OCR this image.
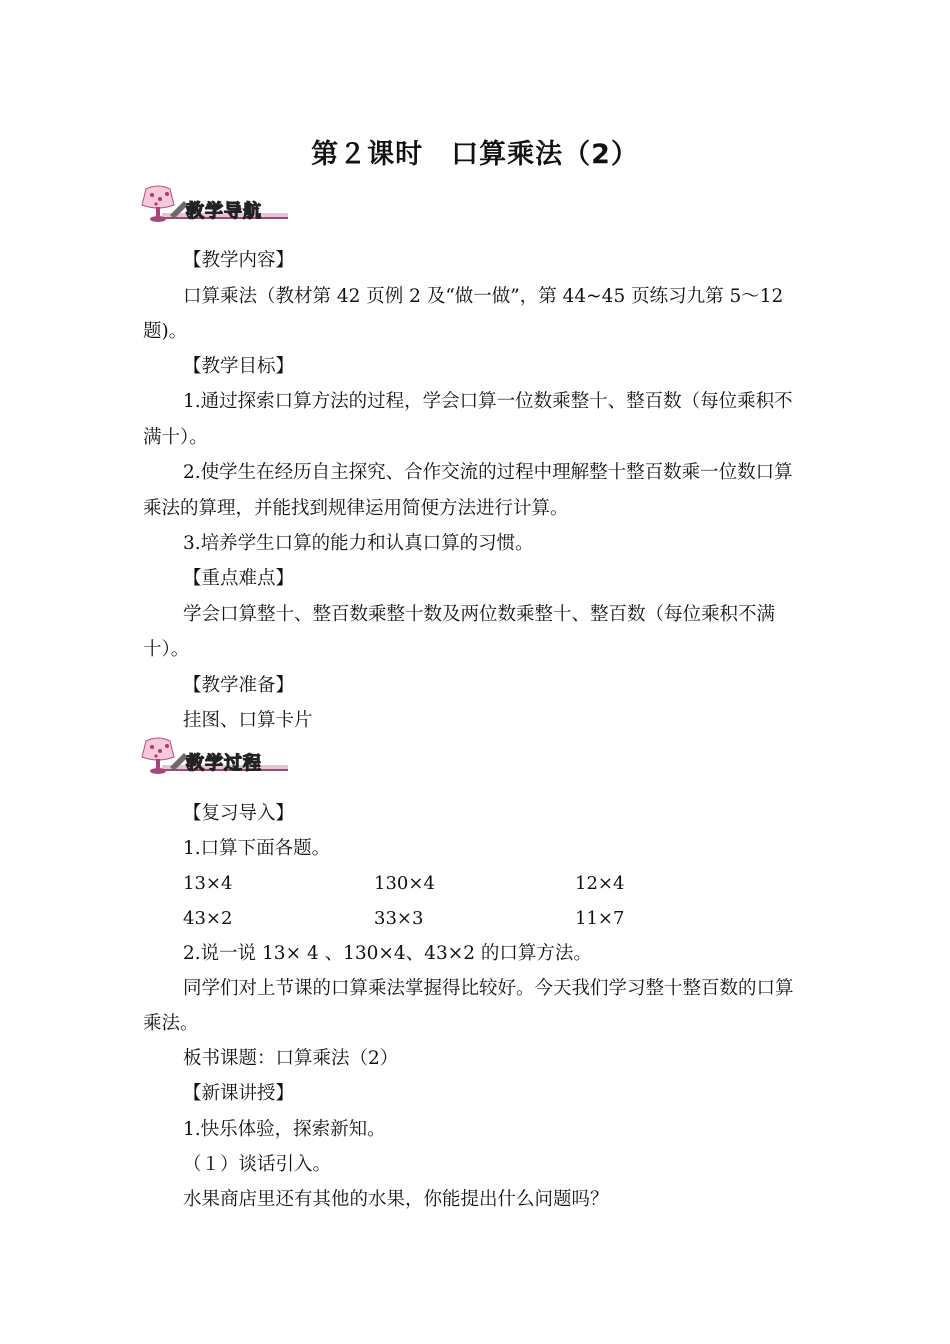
第２课时　口算乘法（2）
教学导航
【教学内容】
口算乘法（教材第 42 页例 2 及“做一做”，第 44~45 页练习九第 5～12
题)。
【教学目标】
1.通过探索口算方法的过程，学会口算一位数乘整十、整百数（每位乘积不
满十）。
2.使学生在经历自主探究、合作交流的过程中理解整十整百数乘一位数口算
乘法的算理，并能找到规律运用简便方法进行计算。
3.培养学生口算的能力和认真口算的习惯。
【重点难点】
学会口算整十、整百数乘整十数及两位数乘整十、整百数（每位乘积不满
十）。
【教学准备】
挂图、口算卡片
教学过程
【复习导入】
1.口算下面各题。
13×4	130×4	12×4
43×2	33×3	11×7
2.说一说 13× 4 、130×4、43×2 的口算方法。
同学们对上节课的口算乘法掌握得比较好。今天我们学习整十整百数的口算
乘法。
板书课题：口算乘法（2）
【新课讲授】
1.快乐体验，探索新知。
（１）谈话引入。
水果商店里还有其他的水果，你能提出什么问题吗？
